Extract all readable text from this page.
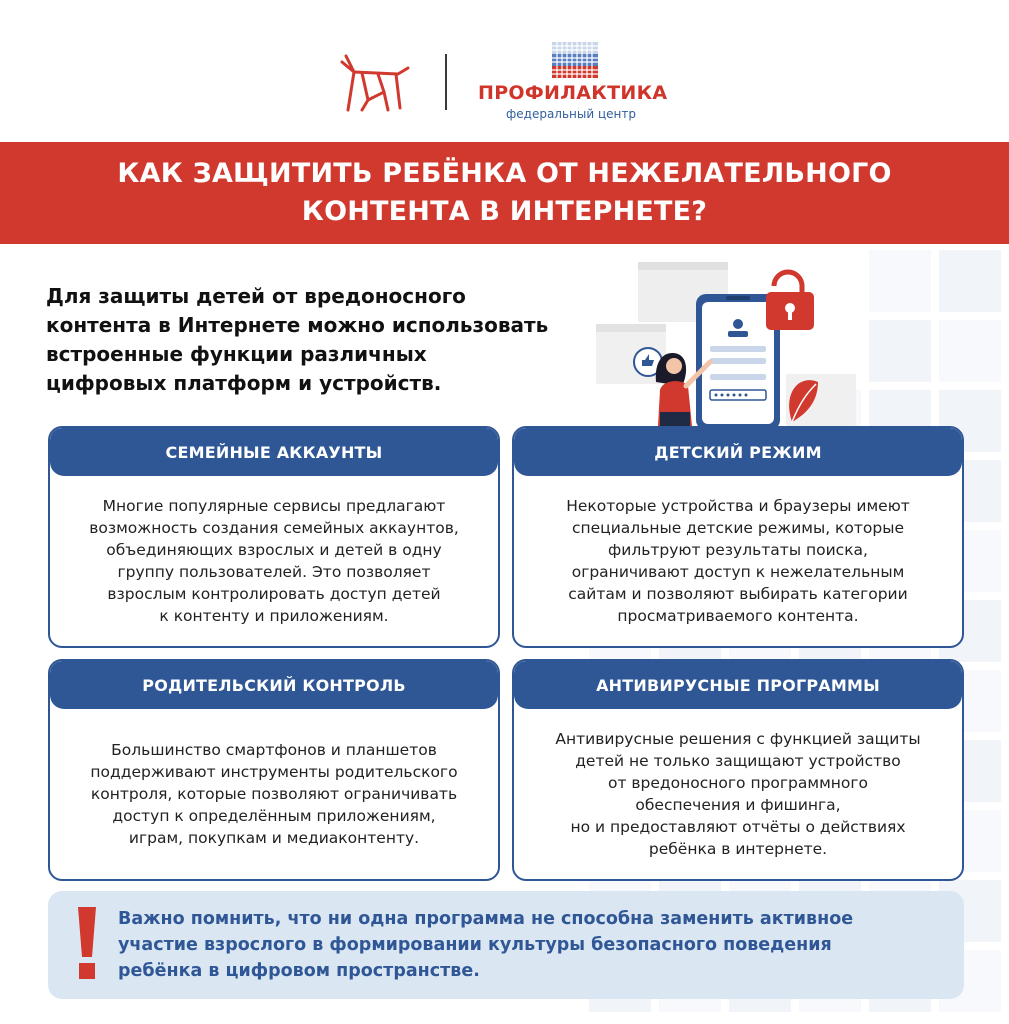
ПРОФИЛАКТИКА
федеральный центр
КАК ЗАЩИТИТЬ РЕБЁНКА ОТ НЕЖЕЛАТЕЛЬНОГО
КОНТЕНТА В ИНТЕРНЕТЕ?
Для защиты детей от вредоносного
контента в Интернете можно использовать
встроенные функции различных
цифровых платформ и устройств.
СЕМЕЙНЫЕ АККАУНТЫ

Многие популярные сервисы предлагают
возможность создания семейных аккаунтов,
объединяющих взрослых и детей в одну
группу пользователей. Это позволяет
взрослым контролировать доступ детей
к контенту и приложениям.

ДЕТСКИЙ РЕЖИМ

Некоторые устройства и браузеры имеют
специальные детские режимы, которые
фильтруют результаты поиска,
ограничивают доступ к нежелательным
сайтам и позволяют выбирать категории
просматриваемого контента.

РОДИТЕЛЬСКИЙ КОНТРОЛЬ

Большинство смартфонов и планшетов
поддерживают инструменты родительского
контроля, которые позволяют ограничивать
доступ к определённым приложениям,
играм, покупкам и медиаконтенту.

АНТИВИРУСНЫЕ ПРОГРАММЫ

Антивирусные решения с функцией защиты
детей не только защищают устройство
от вредоносного программного
обеспечения и фишинга,
но и предоставляют отчёты о действиях
ребёнка в интернете.

Важно помнить, что ни одна программа не способна заменить активное
участие взрослого в формировании культуры безопасного поведения
ребёнка в цифровом пространстве.
